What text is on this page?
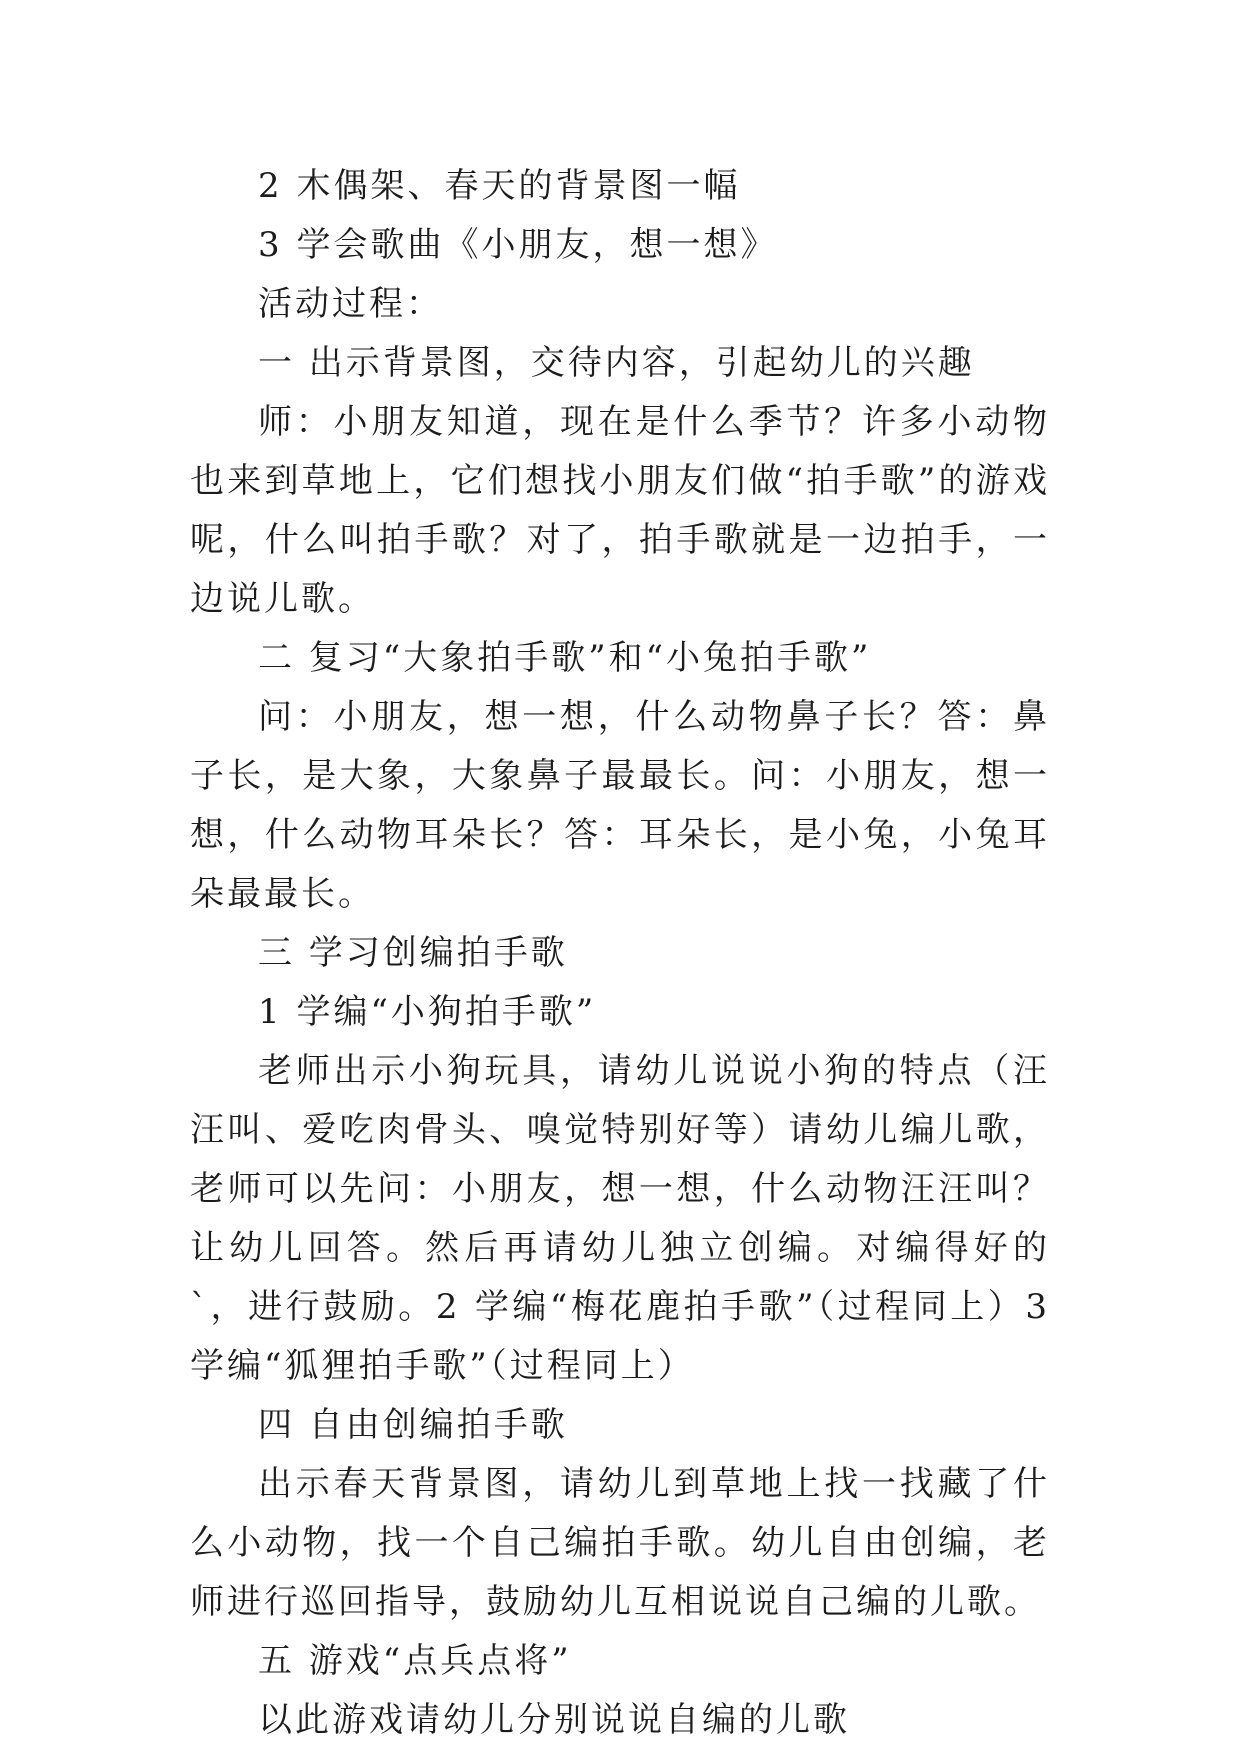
2 木偶架、春天的背景图一幅

3 学会歌曲《小朋友，想一想》

活动过程：

一 出示背景图，交待内容，引起幼儿的兴趣

师：小朋友知道，现在是什么季节？许多小动物也来到草地上，它们想找小朋友们做“拍手歌”的游戏呢，什么叫拍手歌？对了，拍手歌就是一边拍手，一边说儿歌。

二 复习“大象拍手歌”和“小兔拍手歌”

问：小朋友，想一想，什么动物鼻子长？答：鼻子长，是大象，大象鼻子最最长。问：小朋友，想一想，什么动物耳朵长？答：耳朵长，是小兔，小兔耳朵最最长。

三 学习创编拍手歌

1 学编“小狗拍手歌”

老师出示小狗玩具，请幼儿说说小狗的特点（汪汪叫、爱吃肉骨头、嗅觉特别好等）请幼儿编儿歌，老师可以先问：小朋友，想一想，什么动物汪汪叫？让幼儿回答。然后再请幼儿独立创编。对编得好的`，进行鼓励。2 学编“梅花鹿拍手歌”（过程同上）3 学编“狐狸拍手歌”（过程同上）

四 自由创编拍手歌

出示春天背景图，请幼儿到草地上找一找藏了什么小动物，找一个自己编拍手歌。幼儿自由创编，老师进行巡回指导，鼓励幼儿互相说说自己编的儿歌。

五 游戏“点兵点将”

以此游戏请幼儿分别说说自编的儿歌
